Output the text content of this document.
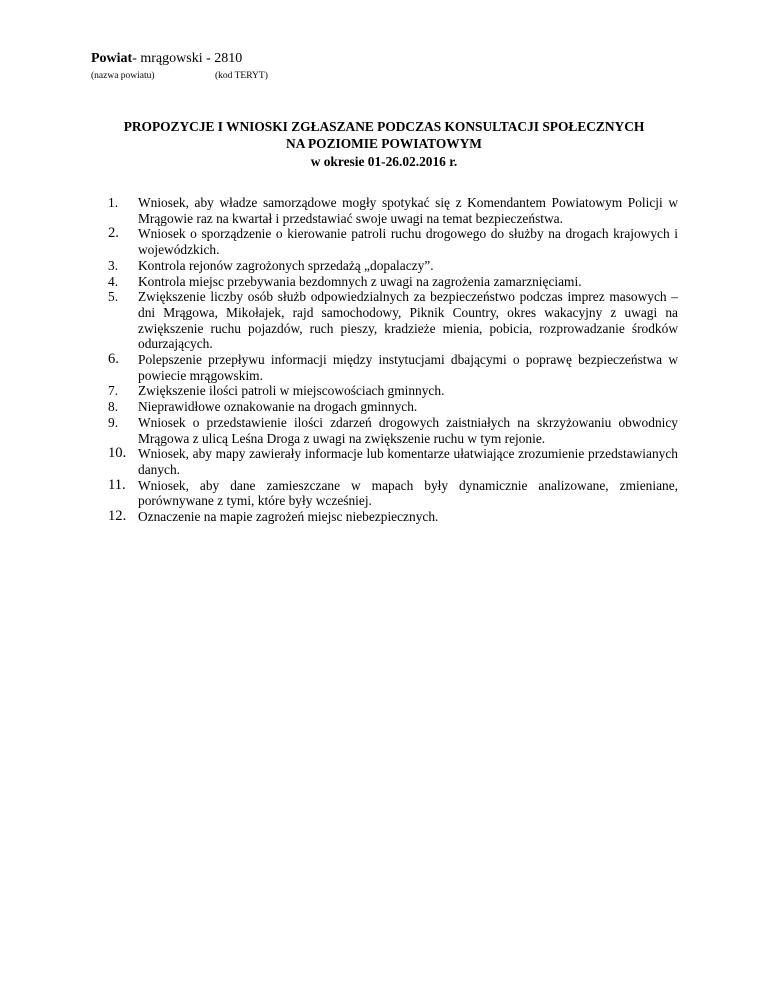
Powiat- mrągowski - 2810
(nazwa powiatu)	(kod TERYT)
PROPOZYCJE I WNIOSKI ZGŁASZANE PODCZAS KONSULTACJI SPOŁECZNYCH
NA POZIOMIE POWIATOWYM
w okresie 01-26.02.2016 r.
1.	Wniosek, aby władze samorządowe mogły spotykać się z Komendantem Powiatowym Policji w Mrągowie raz na kwartał i przedstawiać swoje uwagi na temat bezpieczeństwa.
2.	Wniosek o sporządzenie o kierowanie patroli ruchu drogowego do służby na drogach krajowych i wojewódzkich.
3.	Kontrola rejonów zagrożonych sprzedażą „dopalaczy”.
4.	Kontrola miejsc przebywania bezdomnych z uwagi na zagrożenia zamarznięciami.
5.	Zwiększenie liczby osób służb odpowiedzialnych za bezpieczeństwo podczas imprez masowych – dni Mrągowa, Mikołajek, rajd samochodowy, Piknik Country, okres wakacyjny z uwagi na zwiększenie ruchu pojazdów, ruch pieszy, kradzieże mienia, pobicia, rozprowadzanie środków odurzających.
6.	Polepszenie przepływu informacji między instytucjami dbającymi o poprawę bezpieczeństwa w powiecie mrągowskim.
7.	Zwiększenie ilości patroli w miejscowościach gminnych.
8.	Nieprawidłowe oznakowanie na drogach gminnych.
9.	Wniosek o przedstawienie ilości zdarzeń drogowych zaistniałych na skrzyżowaniu obwodnicy Mrągowa z ulicą Leśna Droga z uwagi na zwiększenie ruchu w tym rejonie.
10. Wniosek, aby mapy zawierały informacje lub komentarze ułatwiające zrozumienie przedstawianych danych.
11. Wniosek, aby dane zamieszczane w mapach były dynamicznie analizowane, zmieniane, porównywane z tymi, które były wcześniej.
12. Oznaczenie na mapie zagrożeń miejsc niebezpiecznych.
